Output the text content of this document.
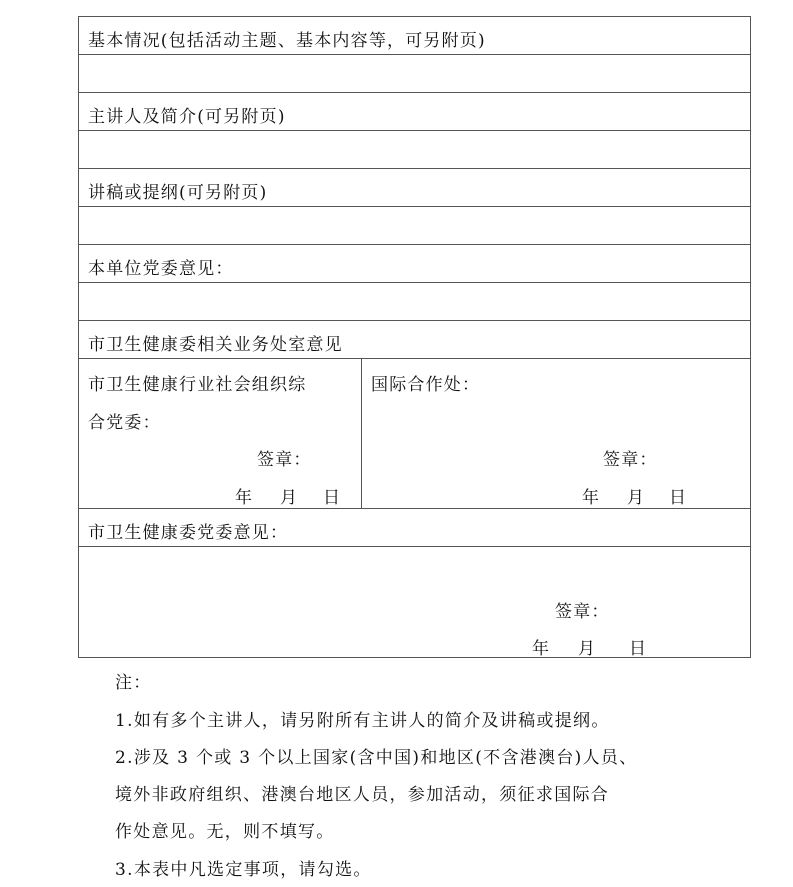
基本情况(包括活动主题、基本内容等，可另附页)
主讲人及简介(可另附页)
讲稿或提纲(可另附页)
本单位党委意见：
市卫生健康委相关业务处室意见
市卫生健康行业社会组织综
合党委：
签章：
年 月 日
国际合作处：
签章：
年 月 日
市卫生健康委党委意见：
签章：
年 月 日
注：
1.如有多个主讲人，请另附所有主讲人的简介及讲稿或提纲。
2.涉及 3 个或 3 个以上国家(含中国)和地区(不含港澳台)人员、
境外非政府组织、港澳台地区人员，参加活动，须征求国际合
作处意见。无，则不填写。
3.本表中凡选定事项，请勾选。
